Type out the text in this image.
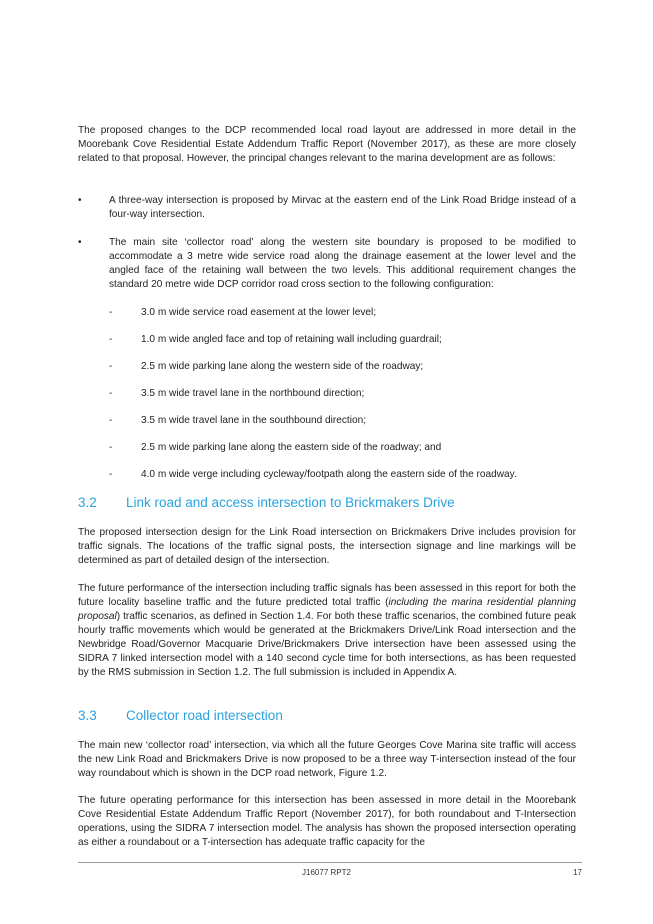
The proposed changes to the DCP recommended local road layout are addressed in more detail in the Moorebank Cove Residential Estate Addendum Traffic Report (November 2017), as these are more closely related to that proposal. However, the principal changes relevant to the marina development are as follows:

•	A three-way intersection is proposed by Mirvac at the eastern end of the Link Road Bridge instead of a four-way intersection.

•	The main site ‘collector road’ along the western site boundary is proposed to be modified to accommodate a 3 metre wide service road along the drainage easement at the lower level and the angled face of the retaining wall between the two levels. This additional requirement changes the standard 20 metre wide DCP corridor road cross section to the following configuration:

-	3.0 m wide service road easement at the lower level;

-	1.0 m wide angled face and top of retaining wall including guardrail;

-	2.5 m wide parking lane along the western side of the roadway;

-	3.5 m wide travel lane in the northbound direction;

-	3.5 m wide travel lane in the southbound direction;

-	2.5 m wide parking lane along the eastern side of the roadway; and

-	4.0 m wide verge including cycleway/footpath along the eastern side of the roadway.

3.2 Link road and access intersection to Brickmakers Drive

The proposed intersection design for the Link Road intersection on Brickmakers Drive includes provision for traffic signals. The locations of the traffic signal posts, the intersection signage and line markings will be determined as part of detailed design of the intersection.

The future performance of the intersection including traffic signals has been assessed in this report for both the future locality baseline traffic and the future predicted total traffic (including the marina residential planning proposal) traffic scenarios, as defined in Section 1.4. For both these traffic scenarios, the combined future peak hourly traffic movements which would be generated at the Brickmakers Drive/Link Road intersection and the Newbridge Road/Governor Macquarie Drive/Brickmakers Drive intersection have been assessed using the SIDRA 7 linked intersection model with a 140 second cycle time for both intersections, as has been requested by the RMS submission in Section 1.2. The full submission is included in Appendix A.

3.3 Collector road intersection

The main new ‘collector road’ intersection, via which all the future Georges Cove Marina site traffic will access the new Link Road and Brickmakers Drive is now proposed to be a three way T-intersection instead of the four way roundabout which is shown in the DCP road network, Figure 1.2.

The future operating performance for this intersection has been assessed in more detail in the Moorebank Cove Residential Estate Addendum Traffic Report (November 2017), for both roundabout and T-Intersection operations, using the SIDRA 7 intersection model. The analysis has shown the proposed intersection operating as either a roundabout or a T-intersection has adequate traffic capacity for the

J16077 RPT2	17
